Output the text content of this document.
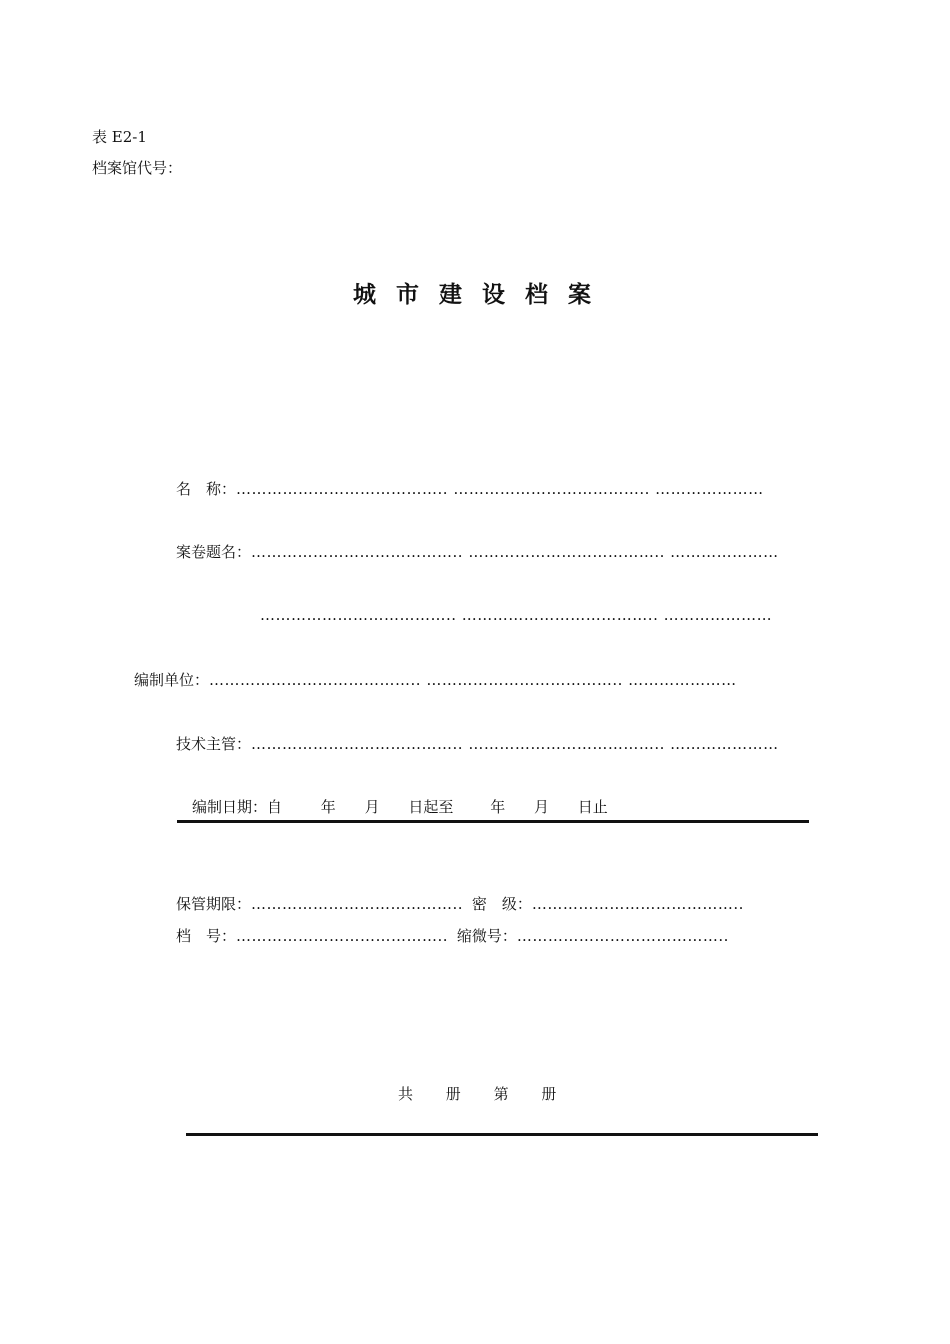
表 E2-1
档案馆代号：
城 市 建 设 档 案
名　称：………………………………….. ……………………………….. …………………
案卷题名：………………………………….. ……………………………….. …………………
……………………………….. ……………………………….. …………………
编制单位：………………………………….. ……………………………….. …………………
技术主管：………………………………….. ……………………………….. …………………
编制日期：自	年 月 日起至 年 月 日止
保管期限：………………………………….. 密　级：…………………………………..
档　号：………………………………….. 缩微号：…………………………………..
共 册 第 册
